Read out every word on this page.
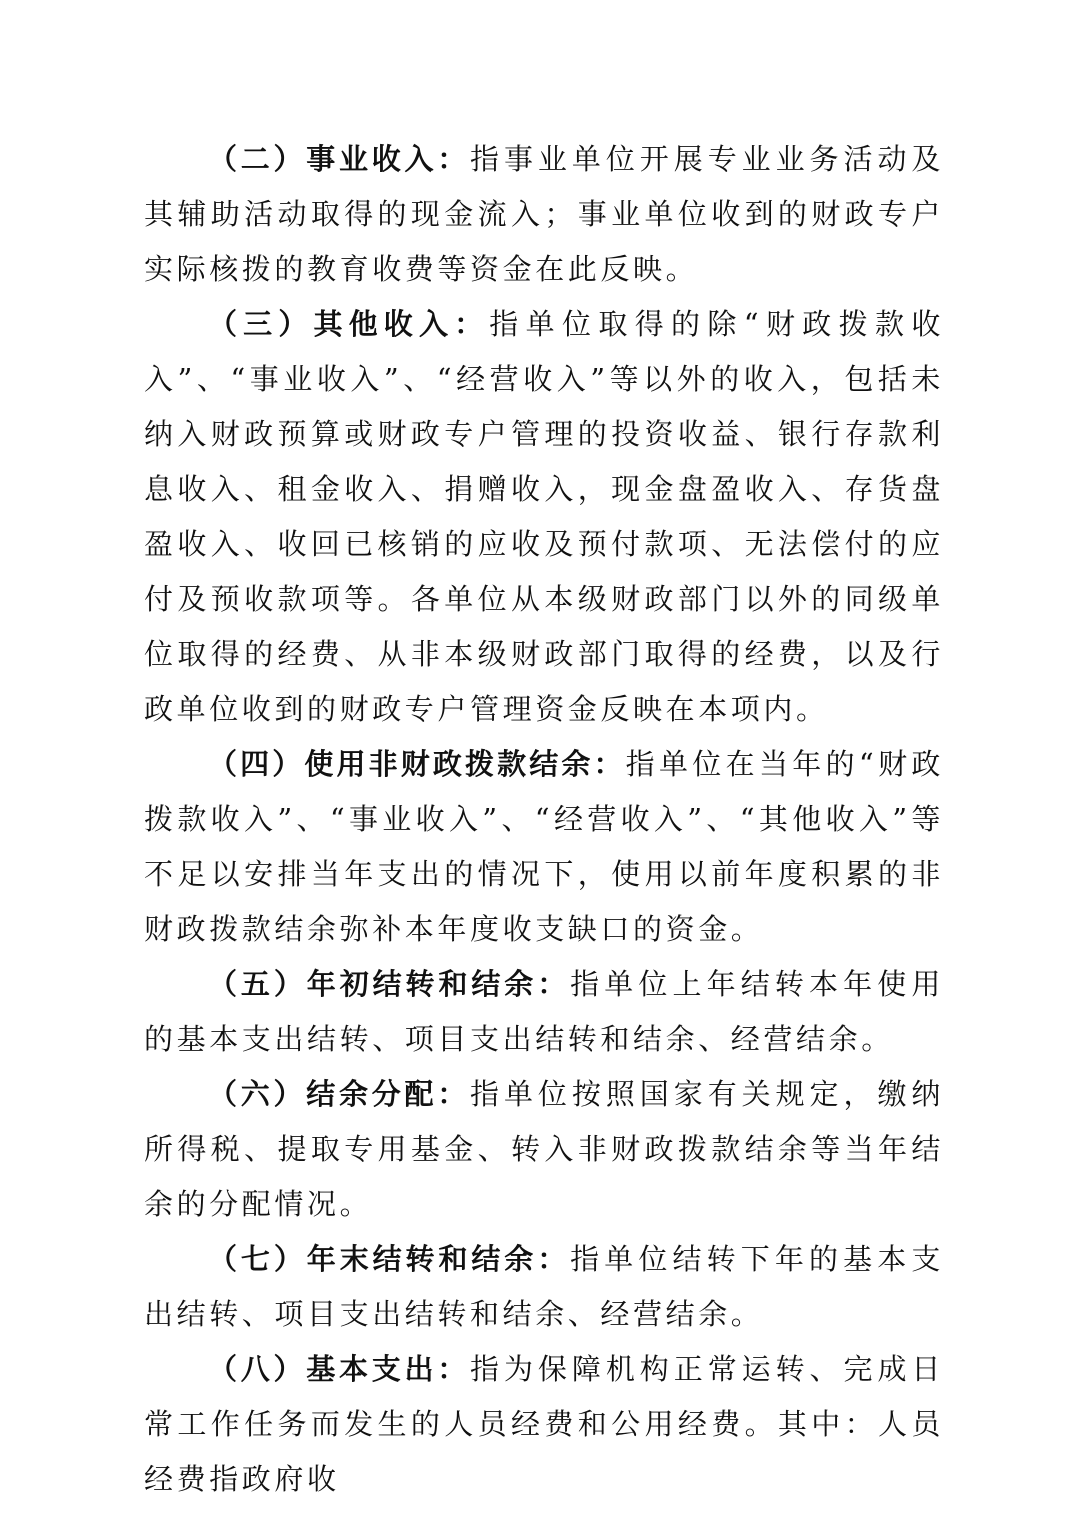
（二）事业收入：指事业单位开展专业业务活动及其辅助活动取得的现金流入；事业单位收到的财政专户实际核拨的教育收费等资金在此反映。

（三）其他收入：指单位取得的除“财政拨款收入”、“事业收入”、“经营收入”等以外的收入，包括未纳入财政预算或财政专户管理的投资收益、银行存款利息收入、租金收入、捐赠收入，现金盘盈收入、存货盘盈收入、收回已核销的应收及预付款项、无法偿付的应付及预收款项等。各单位从本级财政部门以外的同级单位取得的经费、从非本级财政部门取得的经费，以及行政单位收到的财政专户管理资金反映在本项内。

（四）使用非财政拨款结余：指单位在当年的“财政拨款收入”、“事业收入”、“经营收入”、“其他收入”等不足以安排当年支出的情况下，使用以前年度积累的非财政拨款结余弥补本年度收支缺口的资金。

（五）年初结转和结余：指单位上年结转本年使用的基本支出结转、项目支出结转和结余、经营结余。

（六）结余分配：指单位按照国家有关规定，缴纳所得税、提取专用基金、转入非财政拨款结余等当年结余的分配情况。

（七）年末结转和结余：指单位结转下年的基本支出结转、项目支出结转和结余、经营结余。

（八）基本支出：指为保障机构正常运转、完成日常工作任务而发生的人员经费和公用经费。其中：人员经费指政府收
